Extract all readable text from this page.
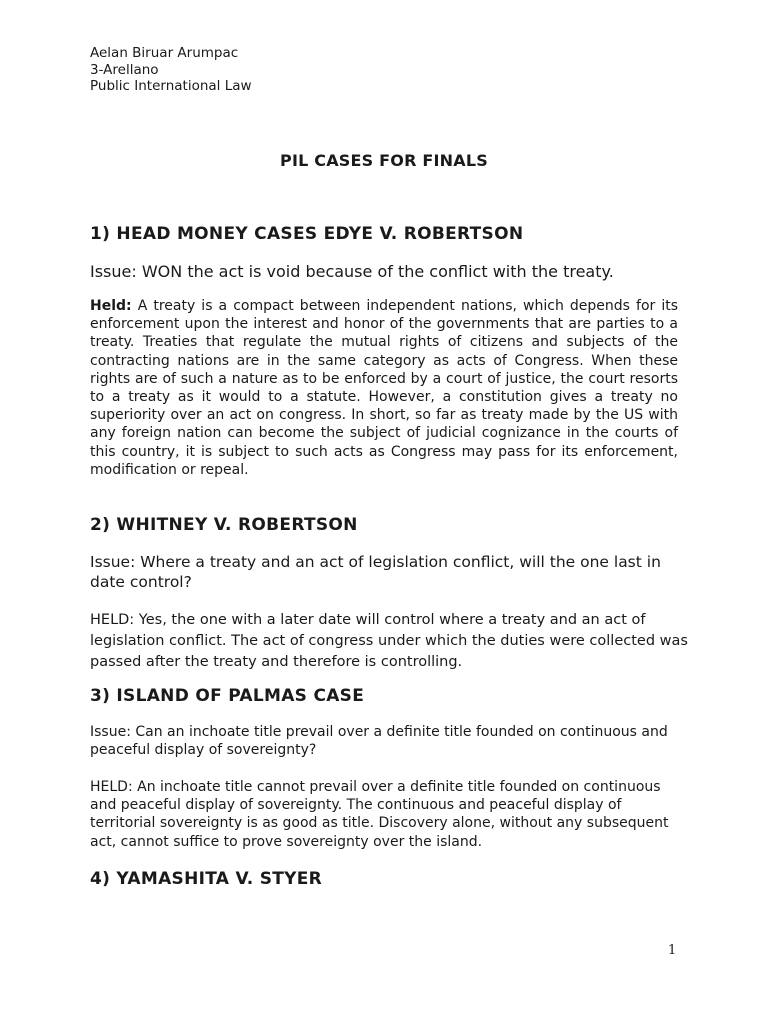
Aelan Biruar Arumpac
3-Arellano
Public International Law
PIL CASES FOR FINALS
1) HEAD MONEY CASES EDYE V. ROBERTSON
Issue: WON the act is void because of the conflict with the treaty.
Held: A treaty is a compact between independent nations, which depends for its enforcement upon the interest and honor of the governments that are parties to a treaty. Treaties that regulate the mutual rights of citizens and subjects of the contracting nations are in the same category as acts of Congress. When these rights are of such a nature as to be enforced by a court of justice, the court resorts to a treaty as it would to a statute. However, a constitution gives a treaty no superiority over an act on congress. In short, so far as treaty made by the US with any foreign nation can become the subject of judicial cognizance in the courts of this country, it is subject to such acts as Congress may pass for its enforcement, modification or repeal.
2) WHITNEY V. ROBERTSON
Issue: Where a treaty and an act of legislation conflict, will the one last in date control?
HELD: Yes, the one with a later date will control where a treaty and an act of legislation conflict. The act of congress under which the duties were collected was passed after the treaty and therefore is controlling.
3) ISLAND OF PALMAS CASE
Issue: Can an inchoate title prevail over a definite title founded on continuous and peaceful display of sovereignty?
HELD: An inchoate title cannot prevail over a definite title founded on continuous and peaceful display of sovereignty. The continuous and peaceful display of territorial sovereignty is as good as title. Discovery alone, without any subsequent act, cannot suffice to prove sovereignty over the island.
4) YAMASHITA V. STYER
1
